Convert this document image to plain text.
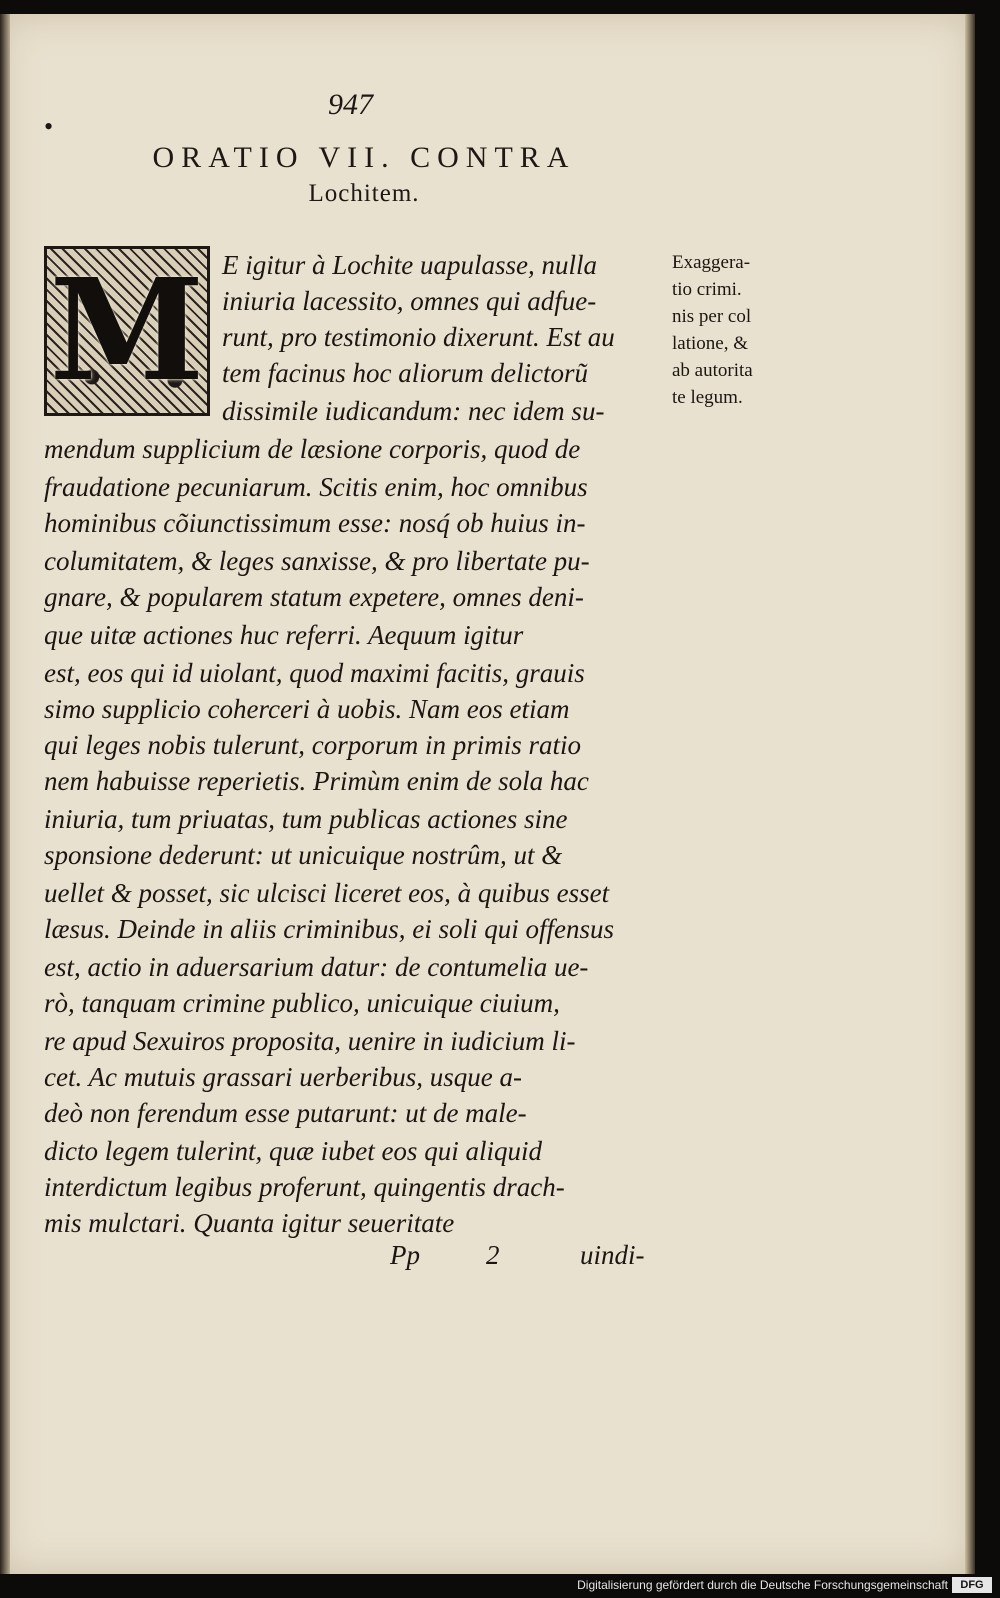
•
947
ORATIO VII. CONTRA
Lochitem.
M E igitur à Lochite uapulasse, nulla

iniuria lacessito, omnes qui adfue-

runt, pro testimonio dixerunt. Est au

tem facinus hoc aliorum delictorũ

dissimile iudicandum: nec idem su-

mendum supplicium de læsione corporis, quod de

fraudatione pecuniarum. Scitis enim, hoc omnibus

hominibus cõiunctissimum esse: nosq́ ob huius in-

columitatem, & leges sanxisse, & pro libertate pu-

gnare, & popularem statum expetere, omnes deni-

que uitæ actiones huc referri. Aequum igitur

est, eos qui id uiolant, quod maximi facitis, grauis

simo supplicio coherceri à uobis. Nam eos etiam

qui leges nobis tulerunt, corporum in primis ratio

nem habuisse reperietis. Primùm enim de sola hac

iniuria, tum priuatas, tum publicas actiones sine

sponsione dederunt: ut unicuique nostrûm, ut &

uellet & posset, sic ulcisci liceret eos, à quibus esset

læsus. Deinde in aliis criminibus, ei soli qui offensus

est, actio in aduersarium datur: de contumelia ue-

rò, tanquam crimine publico, unicuique ciuium,

re apud Sexuiros proposita, uenire in iudicium li-

cet. Ac mutuis grassari uerberibus, usque a-

deò non ferendum esse putarunt: ut de male-

dicto legem tulerint, quæ iubet eos qui aliquid

interdictum legibus proferunt, quingentis drach-

mis mulctari. Quanta igitur seueritate

Exaggera-
tio crimi.
nis per col
latione, &
ab autorita
te legum.
Pp 2	uindi-
Digitalisierung gefördert durch die Deutsche Forschungsgemeinschaft	DFG
